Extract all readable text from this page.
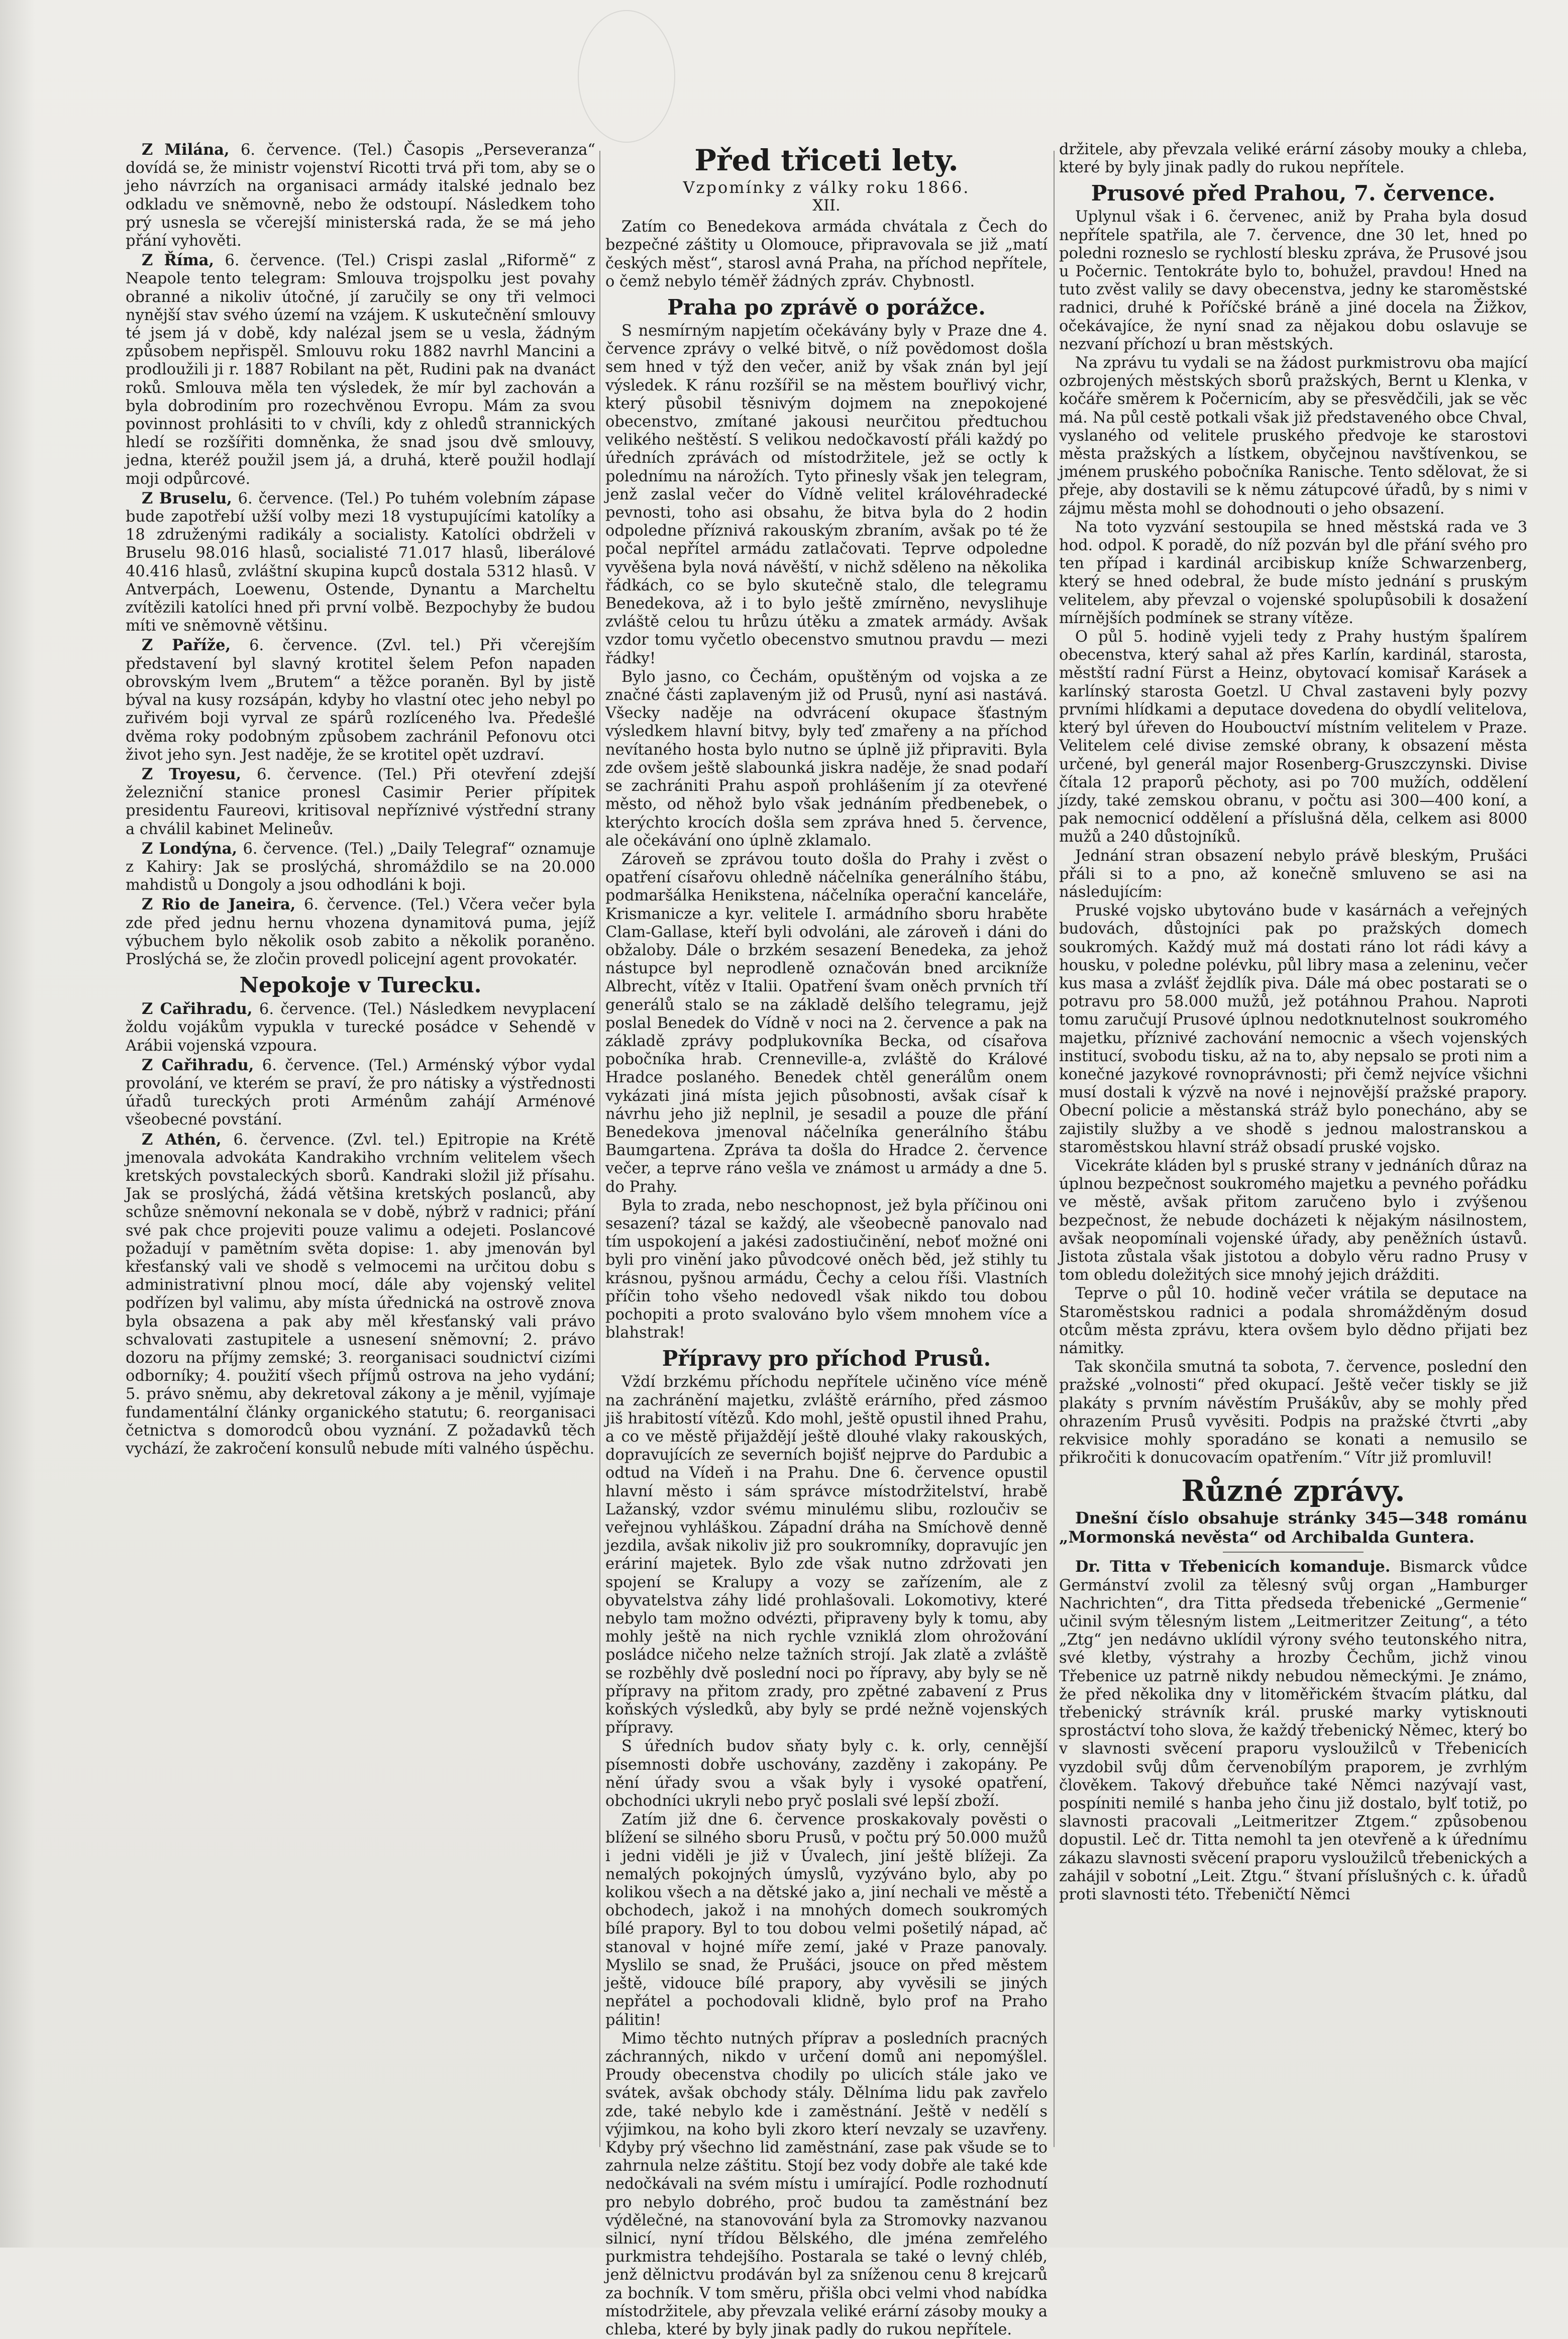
Z Milána, 6. července. (Tel.) Časopis „Perseveranza“ dovídá se, že ministr vojenství Ricotti trvá při tom, aby se o jeho návrzích na organisaci armády italské jednalo bez odkladu ve sněmovně, nebo že odstoupí. Následkem toho prý usnesla se včerejší ministerská rada, že se má jeho přání vyhověti.

Z Říma, 6. července. (Tel.) Crispi zaslal „Riformě“ z Neapole tento telegram: Smlouva trojspolku jest povahy obranné a nikoliv útočné, jí zaručily se ony tři velmoci nynější stav svého území na vzájem. K uskutečnění smlouvy té jsem já v době, kdy nalézal jsem se u vesla, žádným způsobem nepřispěl. Smlouvu roku 1882 navrhl Mancini a prodloužili ji r. 1887 Robilant na pět, Rudini pak na dvanáct roků. Smlouva měla ten výsledek, že mír byl zachován a byla dobrodiním pro rozechvěnou Evropu. Mám za svou povinnost prohlásiti to v chvíli, kdy z ohledů strannických hledí se rozšířiti domněnka, že snad jsou dvě smlouvy, jedna, kteréž použil jsem já, a druhá, kterě použil hodlají moji odpůrcové.

Z Bruselu, 6. července. (Tel.) Po tuhém volebním zápase bude zapotřebí užší volby mezi 18 vystupujícími katolíky a 18 združenými radikály a socialisty. Katolíci obdrželi v Bruselu 98.016 hlasů, socialisté 71.017 hlasů, liberálové 40.416 hlasů, zvláštní skupina kupců dostala 5312 hlasů. V Antverpách, Loewenu, Ostende, Dynantu a Marcheltu zvítězili katolíci hned při první volbě. Bezpochyby že budou míti ve sněmovně většinu.

Z Paříže, 6. července. (Zvl. tel.) Při včerejším představení byl slavný krotitel šelem Pefon napaden obrovským lvem „Brutem“ a těžce poraněn. Byl by jistě býval na kusy rozsápán, kdyby ho vlastní otec jeho nebyl po zuřivém boji vyrval ze spárů rozlíceného lva. Předešlé dvěma roky podobným způsobem zachránil Pefonovu otci život jeho syn. Jest naděje, že se krotitel opět uzdraví.

Z Troyesu, 6. července. (Tel.) Při otevření zdejší železniční stanice pronesl Casimir Perier přípitek presidentu Faureovi, kritisoval nepříznivé výstřední strany a chválil kabinet Melineův.

Z Londýna, 6. července. (Tel.) „Daily Telegraf“ oznamuje z Kahiry: Jak se proslýchá, shromáždilo se na 20.000 mahdistů u Dongoly a jsou odhodláni k boji.

Z Rio de Janeira, 6. července. (Tel.) Včera večer byla zde před jednu hernu vhozena dynamitová puma, jejíž výbuchem bylo několik osob zabito a několik poraněno. Proslýchá se, že zločin provedl policejní agent provokatér.

Nepokoje v Turecku.

Z Cařihradu, 6. července. (Tel.) Následkem nevyplacení žoldu vojákům vypukla v turecké posádce v Sehendě v Arábii vojenská vzpoura.

Z Cařihradu, 6. července. (Tel.) Arménský výbor vydal provolání, ve kterém se praví, že pro nátisky a výstřednosti úřadů tureckých proti Arménům zahájí Arménové všeobecné povstání.

Z Athén, 6. července. (Zvl. tel.) Epitropie na Krétě jmenovala advokáta Kandrakiho vrchním velitelem všech kretských povstaleckých sborů. Kandraki složil již přísahu. Jak se proslýchá, žádá většina kretských poslanců, aby schůze sněmovní nekonala se v době, nýbrž v radnici; přání své pak chce projeviti pouze valimu a odejeti. Poslancové požadují v pamětním světa dopise: 1. aby jmenován byl křesťanský vali ve shodě s velmocemi na určitou dobu s administrativní plnou mocí, dále aby vojenský velitel podřízen byl valimu, aby místa úřednická na ostrově znova byla obsazena a pak aby měl křesťanský vali právo schvalovati zastupitele a usnesení sněmovní; 2. právo dozoru na příjmy zemské; 3. reorganisaci soudnictví cizími odborníky; 4. použití všech příjmů ostrova na jeho vydání; 5. právo sněmu, aby dekretoval zákony a je měnil, vyjímaje fundamentální články organického statutu; 6. reorganisaci četnictva s domorodců obou vyznání. Z požadavků těch vychází, že zakročení konsulů nebude míti valného úspěchu.

Před třiceti lety.
Vzpomínky z války roku 1866.

XII.

Zatím co Benedekova armáda chvátala z Čech do bezpečné záštity u Olomouce, připravovala se již „matí českých měst“, starosl avná Praha, na příchod nepřítele, o čemž nebylo téměř žádných zpráv. Chybnostl.

Praha po zprávě o porážce.

S nesmírným napjetím očekávány byly v Praze dne 4. července zprávy o velké bitvě, o níž povědomost došla sem hned v týž den večer, aniž by však znán byl její výsledek. K ránu rozšířil se na městem bouřlivý vichr, který působil těsnivým dojmem na znepokojené obecenstvo, zmítané jakousi neurčitou předtuchou velikého neštěstí. S velikou nedočkavostí přáli každý po úředních zprávách od místodržitele, jež se octly k polednímu na nárožích. Tyto přinesly však jen telegram, jenž zaslal večer do Vídně velitel královéhradecké pevnosti, toho asi obsahu, že bitva byla do 2 hodin odpoledne příznivá rakouským zbraním, avšak po té že počal nepřítel armádu zatlačovati. Teprve odpoledne vyvěšena byla nová návěští, v nichž sděleno na několika řádkách, co se bylo skutečně stalo, dle telegramu Benedekova, až i to bylo ještě zmírněno, nevyslihuje zvláště celou tu hrůzu útěku a zmatek armády. Avšak vzdor tomu vyčetlo obecenstvo smutnou pravdu — mezi řádky!

Bylo jasno, co Čechám, opuštěným od vojska a ze značné části zaplaveným již od Prusů, nyní asi nastává. Všecky naděje na odvrácení okupace šťastným výsledkem hlavní bitvy, byly teď zmařeny a na příchod nevítaného hosta bylo nutno se úplně již připraviti. Byla zde ovšem ještě slabounká jiskra naděje, že snad podaří se zachrániti Prahu aspoň prohlášením jí za otevřené město, od něhož bylo však jednáním předbenebek, o kterýchto krocích došla sem zpráva hned 5. července, ale očekávání ono úplně zklamalo.

Zároveň se zprávou touto došla do Prahy i zvěst o opatření císařovu ohledně náčelníka generálního štábu, podmaršálka Henikstena, náčelníka operační kanceláře, Krismanicze a kyr. velitele I. armádního sboru hraběte Clam-Gallase, kteří byli odvoláni, ale zároveň i dáni do obžaloby. Dále o brzkém sesazení Benedeka, za jehož nástupce byl neprodleně označován bned arcikníže Albrecht, vítěz v Italii. Opatření švam oněch prvních tří generálů stalo se na základě delšího telegramu, jejž poslal Benedek do Vídně v noci na 2. července a pak na základě zprávy podplukovníka Becka, od císařova pobočníka hrab. Crenneville-a, zvláště do Králové Hradce poslaného. Benedek chtěl generálům onem vykázati jiná místa jejich působnosti, avšak císař k návrhu jeho již neplnil, je sesadil a pouze dle přání Benedekova jmenoval náčelníka generálního štábu Baumgartena. Zpráva ta došla do Hradce 2. července večer, a teprve ráno vešla ve známost u armády a dne 5. do Prahy.

Byla to zrada, nebo neschopnost, jež byla příčinou oni sesazení? tázal se každý, ale všeobecně panovalo nad tím uspokojení a jakési zadostiučinění, neboť možné oni byli pro vinění jako původcové oněch běd, jež stihly tu krásnou, pyšnou armádu, Čechy a celou říši. Vlastních příčin toho všeho nedovedl však nikdo tou dobou pochopiti a proto svalováno bylo všem mnohem více a blahstrak!

Přípravy pro příchod Prusů.

Vždí brzkému příchodu nepřítele učiněno více méně na zachránění majetku, zvláště erárního, před zásmoo jiš hrabitostí vítězů. Kdo mohl, ještě opustil ihned Prahu, a co ve městě přijaždějí ještě dlouhé vlaky rakouských, dopravujících ze severních bojišť nejprve do Pardubic a odtud na Vídeň i na Prahu. Dne 6. července opustil hlavní město i sám správce místodržitelství, hrabě Lažanský, vzdor svému minulému slibu, rozloučiv se veřejnou vyhláškou. Západní dráha na Smíchově denně jezdila, avšak nikoliv již pro soukromníky, dopravujíc jen eráriní majetek. Bylo zde však nutno zdržovati jen spojení se Kralupy a vozy se zařízením, ale z obyvatelstva záhy lidé prohlašovali. Lokomotivy, které nebylo tam možno odvézti, připraveny byly k tomu, aby mohly ještě na nich rychle vzniklá zlom ohrožování posládce ničeho nelze tažních strojí. Jak zlatě a zvláště se rozběhly dvě poslední noci po řípravy, aby byly se ně přípravy na přitom zrady, pro zpětné zabavení z Prus koňských výsledků, aby byly se prdé nežně vojenských přípravy.

S úředních budov sňaty byly c. k. orly, cennější písemnosti dobře uschovány, zazděny i zakopány. Pe nění úřady svou a však byly i vysoké opatření, obchodníci ukryli nebo pryč poslali své lepší zboží.

Zatím již dne 6. července proskakovaly pověsti o blížení se silného sboru Prusů, v počtu prý 50.000 mužů i jedni viděli je již v Úvalech, jiní ještě blížeji. Za nemalých pokojných úmyslů, vyzýváno bylo, aby po kolikou všech a na dětské jako a, jiní nechali ve městě a obchodech, jakož i na mnohých domech soukromých bílé prapory. Byl to tou dobou velmi pošetilý nápad, ač stanoval v hojné míře zemí, jaké v Praze panovaly. Myslilo se snad, že Prušáci, jsouce on před městem ještě, vidouce bílé prapory, aby vyvěsili se jiných nepřátel a pochodovali klidně, bylo prof na Praho pálitin!

Mimo těchto nutných příprav a posledních pracných záchranných, nikdo v určení domů ani nepomýšlel. Proudy obecenstva chodily po ulicích stále jako ve svátek, avšak obchody stály. Dělníma lidu pak zavřelo zde, také nebylo kde i zaměstnání. Ještě v nedělí s výjimkou, na koho byli zkoro kterí nevzaly se uzavřeny. Kdyby prý všechno lid zaměstnání, zase pak všude se to zahrnula nelze záštitu. Stojí bez vody dobře ale také kde nedočkávali na svém místu i umírající. Podle rozhodnutí pro nebylo dobrého, proč budou ta zaměstnání bez výdělečné, na stanovování byla za Stromovky nazvanou silnicí, nyní třídou Bělského, dle jména zemřelého purkmistra tehdejšího. Postarala se také o levný chléb, jenž dělnictvu prodáván byl za sníženou cenu 8 krejcarů za bochník. V tom směru, přišla obci velmi vhod nabídka místodržitele, aby převzala veliké erární zásoby mouky a chleba, které by byly jinak padly do rukou nepřítele.

držitele, aby převzala veliké erární zásoby mouky a chleba, které by byly jinak padly do rukou nepřítele.

Prusové před Prahou, 7. července.

Uplynul však i 6. červenec, aniž by Praha byla dosud nepřítele spatřila, ale 7. července, dne 30 let, hned po poledni rozneslo se rychlostí blesku zpráva, že Prusové jsou u Počernic. Tentokráte bylo to, bohužel, pravdou! Hned na tuto zvěst valily se davy obecenstva, jedny ke staroměstské radnici, druhé k Poříčské bráně a jiné docela na Žižkov, očekávajíce, že nyní snad za nějakou dobu oslavuje se nezvaní příchozí u bran městských.

Na zprávu tu vydali se na žádost purkmistrovu oba mající ozbrojených městských sborů pražských, Bernt u Klenka, v kočáře směrem k Počernicím, aby se přesvědčili, jak se věc má. Na půl cestě potkali však již představeného obce Chval, vyslaného od velitele pruského předvoje ke starostovi města pražských a lístkem, obyčejnou navštívenkou, se jménem pruského pobočníka Ranische. Tento sdělovat, že si přeje, aby dostavili se k němu zátupcové úřadů, by s nimi v zájmu města mohl se dohodnouti o jeho obsazení.

Na toto vyzvání sestoupila se hned městská rada ve 3 hod. odpol. K poradě, do níž pozván byl dle přání svého pro ten případ i kardinál arcibiskup kníže Schwarzenberg, který se hned odebral, že bude místo jednání s pruským velitelem, aby převzal o vojenské spolupůsobili k dosažení mírnějších podmínek se strany vítěze.

O půl 5. hodině vyjeli tedy z Prahy hustým špalírem obecenstva, který sahal až přes Karlín, kardinál, starosta, městští radní Fürst a Heinz, obytovací komisař Karásek a karlínský starosta Goetzl. U Chval zastaveni byly pozvy prvními hlídkami a deputace dovedena do obydlí velitelova, který byl úřeven do Houbouctví místním velitelem v Praze. Velitelem celé divise zemské obrany, k obsazení města určené, byl generál major Rosenberg-Gruszczynski. Divise čítala 12 praporů pěchoty, asi po 700 mužích, oddělení jízdy, také zemskou obranu, v počtu asi 300—400 koní, a pak nemocnicí oddělení a příslušná děla, celkem asi 8000 mužů a 240 důstojníků.

Jednání stran obsazení nebylo právě bleským, Prušáci přáli si to a pno, až konečně smluveno se asi na následujícím:

Pruské vojsko ubytováno bude v kasárnách a veřejných budovách, důstojníci pak po pražských domech soukromých. Každý muž má dostati ráno lot rádi kávy a housku, v poledne polévku, půl libry masa a zeleninu, večer kus masa a zvlášť žejdlík piva. Dále má obec postarati se o potravu pro 58.000 mužů, jež potáhnou Prahou. Naproti tomu zaručují Prusové úplnou nedotknutelnost soukromého majetku, příznivé zachování nemocnic a všech vojenských institucí, svobodu tisku, až na to, aby nepsalo se proti nim a konečné jazykové rovnoprávnosti; při čemž nejvíce všichni musí dostali k výzvě na nové i nejnovější pražské prapory. Obecní policie a městanská stráž bylo ponecháno, aby se zajistily služby a ve shodě s jednou malostranskou a staroměstskou hlavní stráž obsadí pruské vojsko.

Vicekráte kláden byl s pruské strany v jednáních důraz na úplnou bezpečnost soukromého majetku a pevného pořádku ve městě, avšak přitom zaručeno bylo i zvýšenou bezpečnost, že nebude docházeti k nějakým násilnostem, avšak neopomínali vojenské úřady, aby peněžních ústavů. Jistota zůstala však jistotou a dobylo věru radno Prusy v tom obledu doležitých sice mnohý jejich drážditi.

Teprve o půl 10. hodině večer vrátila se deputace na Staroměstskou radnici a podala shromážděným dosud otcům města zprávu, ktera ovšem bylo dědno přijati bez námitky.

Tak skončila smutná ta sobota, 7. července, poslední den pražské „volnosti“ před okupací. Ještě večer tiskly se již plakáty s prvním návěstím Prušákův, aby se mohly před ohrazením Prusů vyvěsiti. Podpis na pražské čtvrti „aby rekvisice mohly sporadáno se konati a nemusilo se přikročiti k donucovacím opatřením.“ Vítr již promluvil!

Různé zprávy.

Dnešní číslo obsahuje stránky 345—348 románu „Mormonská nevěsta“ od Archibalda Guntera.

Dr. Titta v Třebenicích komanduje. Bismarck vůdce Germánství zvolil za tělesný svůj organ „Hamburger Nachrichten“, dra Titta předseda třebenické „Germenie“ učinil svým tělesným listem „Leitmeritzer Zeitung“, a této „Ztg“ jen nedávno uklídil výrony svého teutonského nitra, své kletby, výstrahy a hrozby Čechům, jichž vinou Třebenice uz patrně nikdy nebudou německými. Je známo, že před několika dny v litoměřickém štvacím plátku, dal třebenický strávník král. pruské marky vytisknouti sprostáctví toho slova, že každý třebenický Němec, který bo v slavnosti svěcení praporu vysloužilců v Třebenicích vyzdobil svůj dům červenobílým praporem, je zvrhlým člověkem. Takový dřebuňce také Němci nazývají vast, pospíniti nemilé s hanba jeho činu již dostalo, bylť totiž, po slavnosti pracovali „Leitmeritzer Ztgem.“ způsobenou dopustil. Leč dr. Titta nemohl ta jen otevřeně a k úřednímu zákazu slavnosti svěcení praporu vysloužilců třebenických a zahájil v sobotní „Leit. Ztgu.“ štvaní příslušných c. k. úřadů proti slavnosti této. Třebeničtí Němci
